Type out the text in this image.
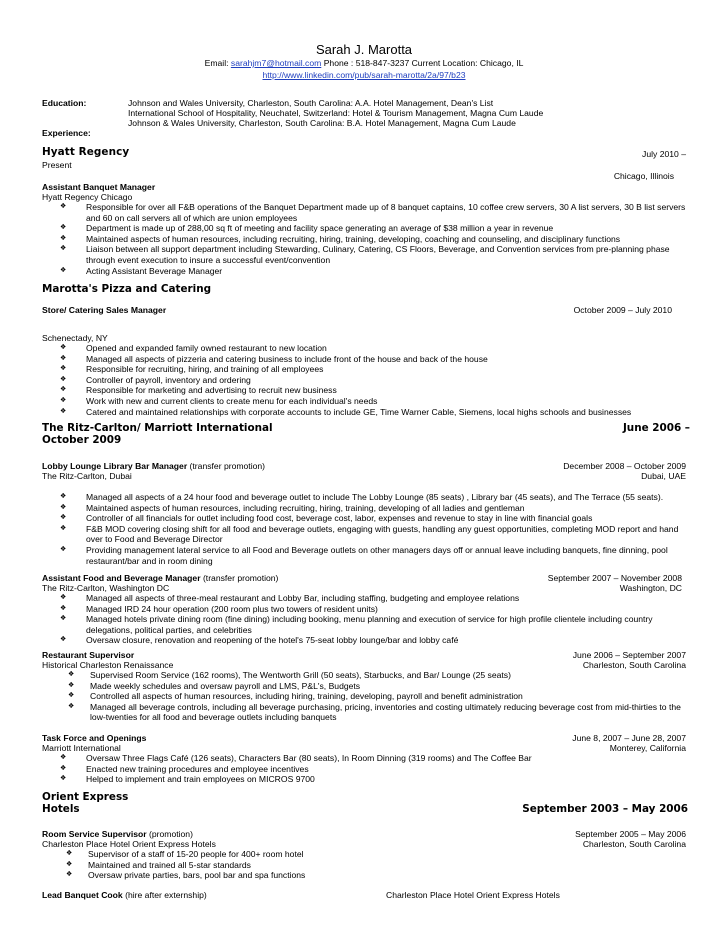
Sarah J. Marotta
Email: sarahjm7@hotmail.com Phone : 518-847-3237 Current Location: Chicago, IL
http://www.linkedin.com/pub/sarah-marotta/2a/97/b23
Education:	Johnson and Wales University, Charleston, South Carolina: A.A. Hotel Management, Dean's List
International School of Hospitality, Neuchatel, Switzerland: Hotel & Tourism Management, Magna Cum Laude
Johnson & Wales University, Charleston, South Carolina: B.A. Hotel Management, Magna Cum Laude
Experience:
Hyatt Regency	July 2010 –
Present
Chicago, Illinois
Assistant Banquet Manager
Hyatt Regency Chicago
❖ Responsible for over all F&B operations of the Banquet Department made up of 8 banquet captains, 10 coffee crew servers, 30 A list servers, 30 B list servers and 60 on call servers all of which are union employees
❖ Department is made up of 288,00 sq ft of meeting and facility space generating an average of $38 million a year in revenue
❖ Maintained aspects of human resources, including recruiting, hiring, training, developing, coaching and counseling, and disciplinary functions
❖ Liaison between all support department including Stewarding, Culinary, Catering, CS Floors, Beverage, and Convention services from pre-planning phase through event execution to insure a successful event/convention
❖ Acting Assistant Beverage Manager
Marotta's Pizza and Catering
Store/ Catering Sales Manager	October 2009 – July 2010
Schenectady, NY
❖ Opened and expanded family owned restaurant to new location
❖ Managed all aspects of pizzeria and catering business to include front of the house and back of the house
❖ Responsible for recruiting, hiring, and training of all employees
❖ Controller of payroll, inventory and ordering
❖ Responsible for marketing and advertising to recruit new business
❖ Work with new and current clients to create menu for each individual's needs
❖ Catered and maintained relationships with corporate accounts to include GE, Time Warner Cable, Siemens, local highs schools and businesses
The Ritz-Carlton/ Marriott International	June 2006 –
October 2009
Lobby Lounge Library Bar Manager (transfer promotion)	December 2008 – October 2009
The Ritz-Carlton, Dubai	Dubai, UAE
❖ Managed all aspects of a 24 hour food and beverage outlet to include The Lobby Lounge (85 seats) , Library bar (45 seats), and The Terrace (55 seats).
❖ Maintained aspects of human resources, including recruiting, hiring, training, developing of all ladies and gentleman
❖ Controller of all financials for outlet including food cost, beverage cost, labor, expenses and revenue to stay in line with financial goals
❖ F&B MOD covering closing shift for all food and beverage outlets, engaging with guests, handling any guest opportunities, completing MOD report and hand over to Food and Beverage Director
❖ Providing management lateral service to all Food and Beverage outlets on other managers days off or annual leave including banquets, fine dinning, pool restaurant/bar and in room dining
Assistant Food and Beverage Manager (transfer promotion)	September 2007 – November 2008
The Ritz-Carlton, Washington DC	Washington, DC
❖ Managed all aspects of three-meal restaurant and Lobby Bar, including staffing, budgeting and employee relations
❖ Managed IRD 24 hour operation (200 room plus two towers of resident units)
❖ Managed hotels private dining room (fine dining) including booking, menu planning and execution of service for high profile clientele including country delegations, political parties, and celebrities
❖ Oversaw closure, renovation and reopening of the hotel's 75-seat lobby lounge/bar and lobby café
Restaurant Supervisor	June 2006 – September 2007
Historical Charleston Renaissance	Charleston, South Carolina
❖ Supervised Room Service (162 rooms), The Wentworth Grill (50 seats), Starbucks, and Bar/ Lounge (25 seats)
❖ Made weekly schedules and oversaw payroll and LMS, P&L's, Budgets
❖ Controlled all aspects of human resources, including hiring, training, developing, payroll and benefit administration
❖ Managed all beverage controls, including all beverage purchasing, pricing, inventories and costing ultimately reducing beverage cost from mid-thirties to the low-twenties for all food and beverage outlets including banquets
Task Force and Openings	June 8, 2007 – June 28, 2007
Marriott International	Monterey, California
❖ Oversaw Three Flags Café (126 seats), Characters Bar (80 seats), In Room Dinning (319 rooms) and The Coffee Bar
❖ Enacted new training procedures and employee incentives
❖ Helped to implement and train employees on MICROS 9700
Orient Express
Hotels	September 2003 – May 2006
Room Service Supervisor (promotion)	September 2005 – May 2006
Charleston Place Hotel Orient Express Hotels	Charleston, South Carolina
❖ Supervisor of a staff of 15-20 people for 400+ room hotel
❖ Maintained and trained all 5-star standards
❖ Oversaw private parties, bars, pool bar and spa functions
Lead Banquet Cook (hire after externship)	Charleston Place Hotel Orient Express Hotels
